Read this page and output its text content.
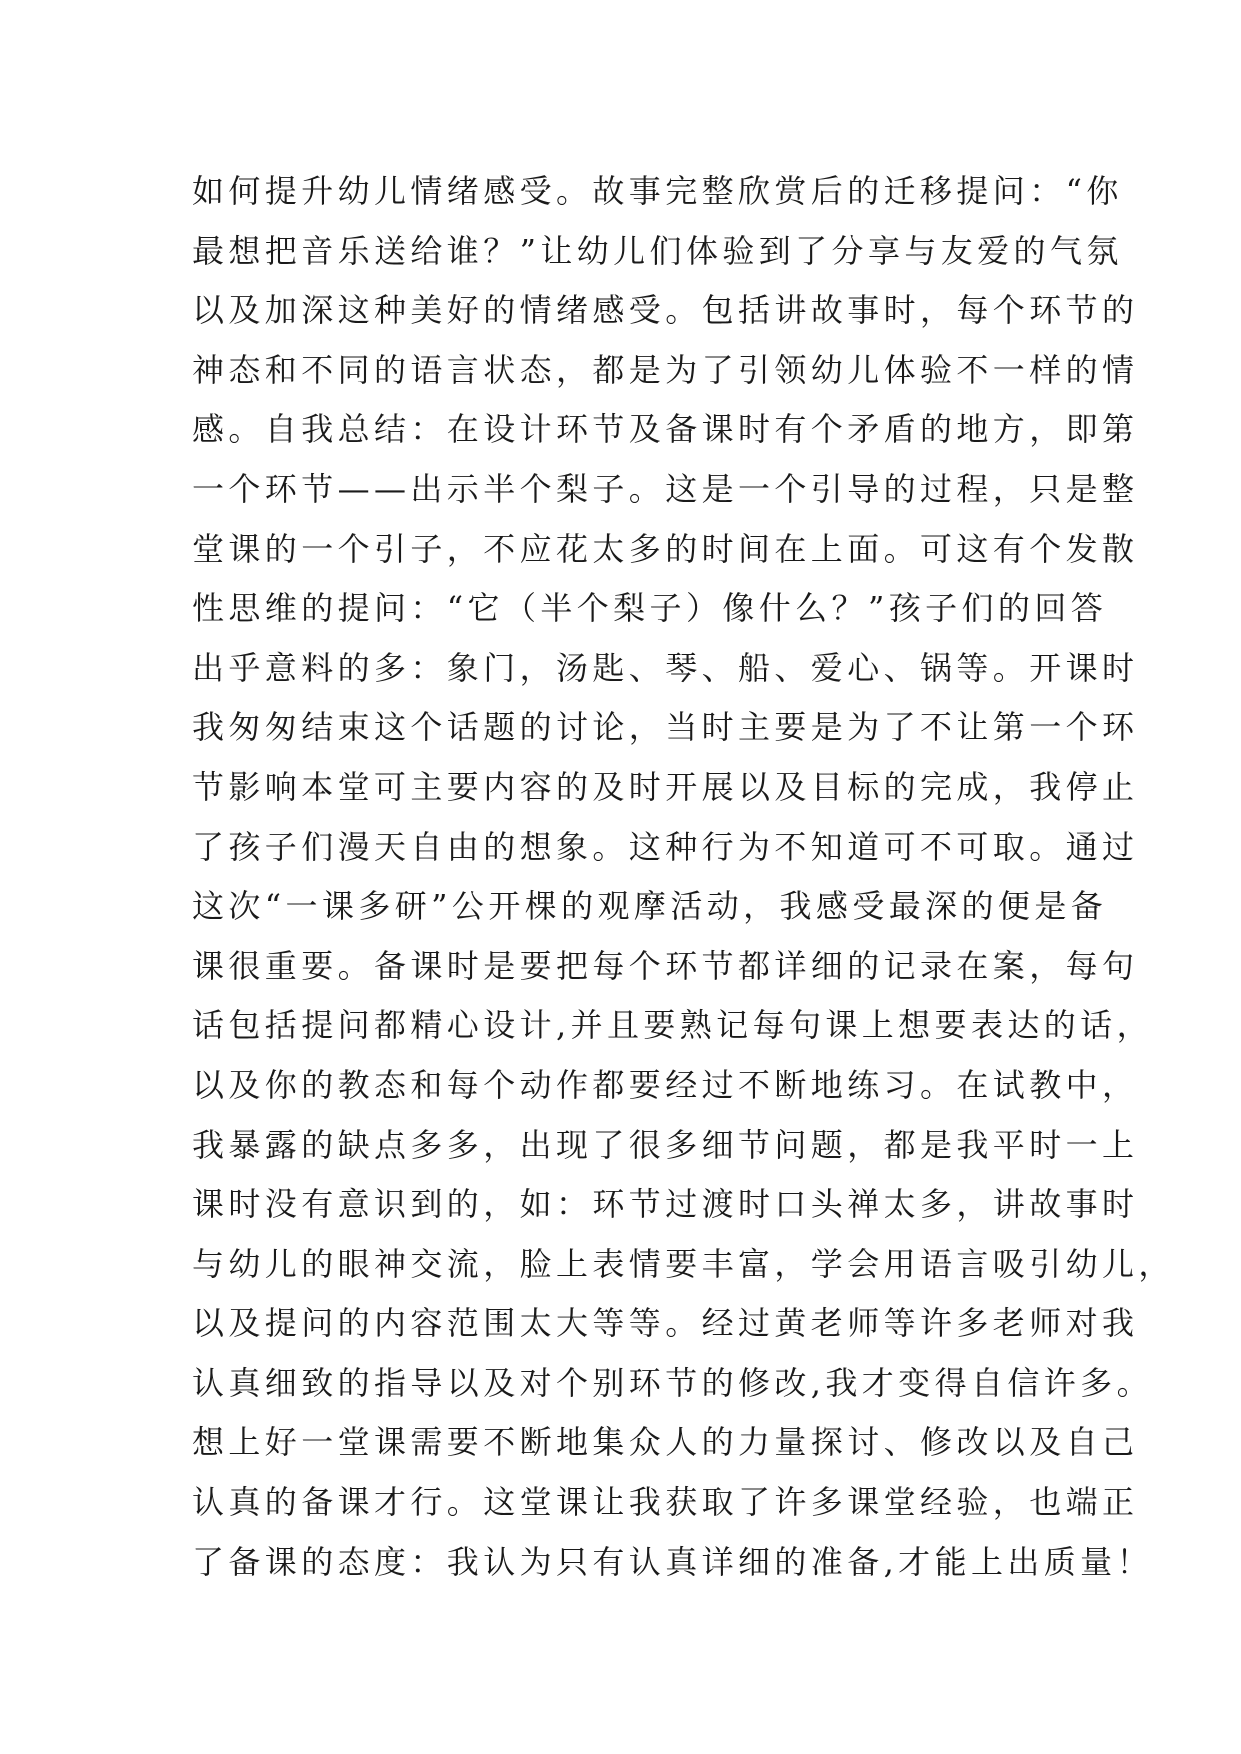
如何提升幼儿情绪感受。故事完整欣赏后的迁移提问：“你
最想把音乐送给谁？”让幼儿们体验到了分享与友爱的气氛
以及加深这种美好的情绪感受。包括讲故事时，每个环节的
神态和不同的语言状态，都是为了引领幼儿体验不一样的情
感。自我总结：在设计环节及备课时有个矛盾的地方，即第
一个环节——出示半个梨子。这是一个引导的过程，只是整
堂课的一个引子，不应花太多的时间在上面。可这有个发散
性思维的提问：“它（半个梨子）像什么？”孩子们的回答
出乎意料的多：象门，汤匙、琴、船、爱心、锅等。开课时
我匆匆结束这个话题的讨论，当时主要是为了不让第一个环
节影响本堂可主要内容的及时开展以及目标的完成，我停止
了孩子们漫天自由的想象。这种行为不知道可不可取。通过
这次“一课多研”公开棵的观摩活动，我感受最深的便是备
课很重要。备课时是要把每个环节都详细的记录在案，每句
话包括提问都精心设计,并且要熟记每句课上想要表达的话，
以及你的教态和每个动作都要经过不断地练习。在试教中，
我暴露的缺点多多，出现了很多细节问题，都是我平时一上
课时没有意识到的，如：环节过渡时口头禅太多，讲故事时
与幼儿的眼神交流，脸上表情要丰富，学会用语言吸引幼儿，
以及提问的内容范围太大等等。经过黄老师等许多老师对我
认真细致的指导以及对个别环节的修改,我才变得自信许多。
想上好一堂课需要不断地集众人的力量探讨、修改以及自己
认真的备课才行。这堂课让我获取了许多课堂经验，也端正
了备课的态度：我认为只有认真详细的准备,才能上出质量！
